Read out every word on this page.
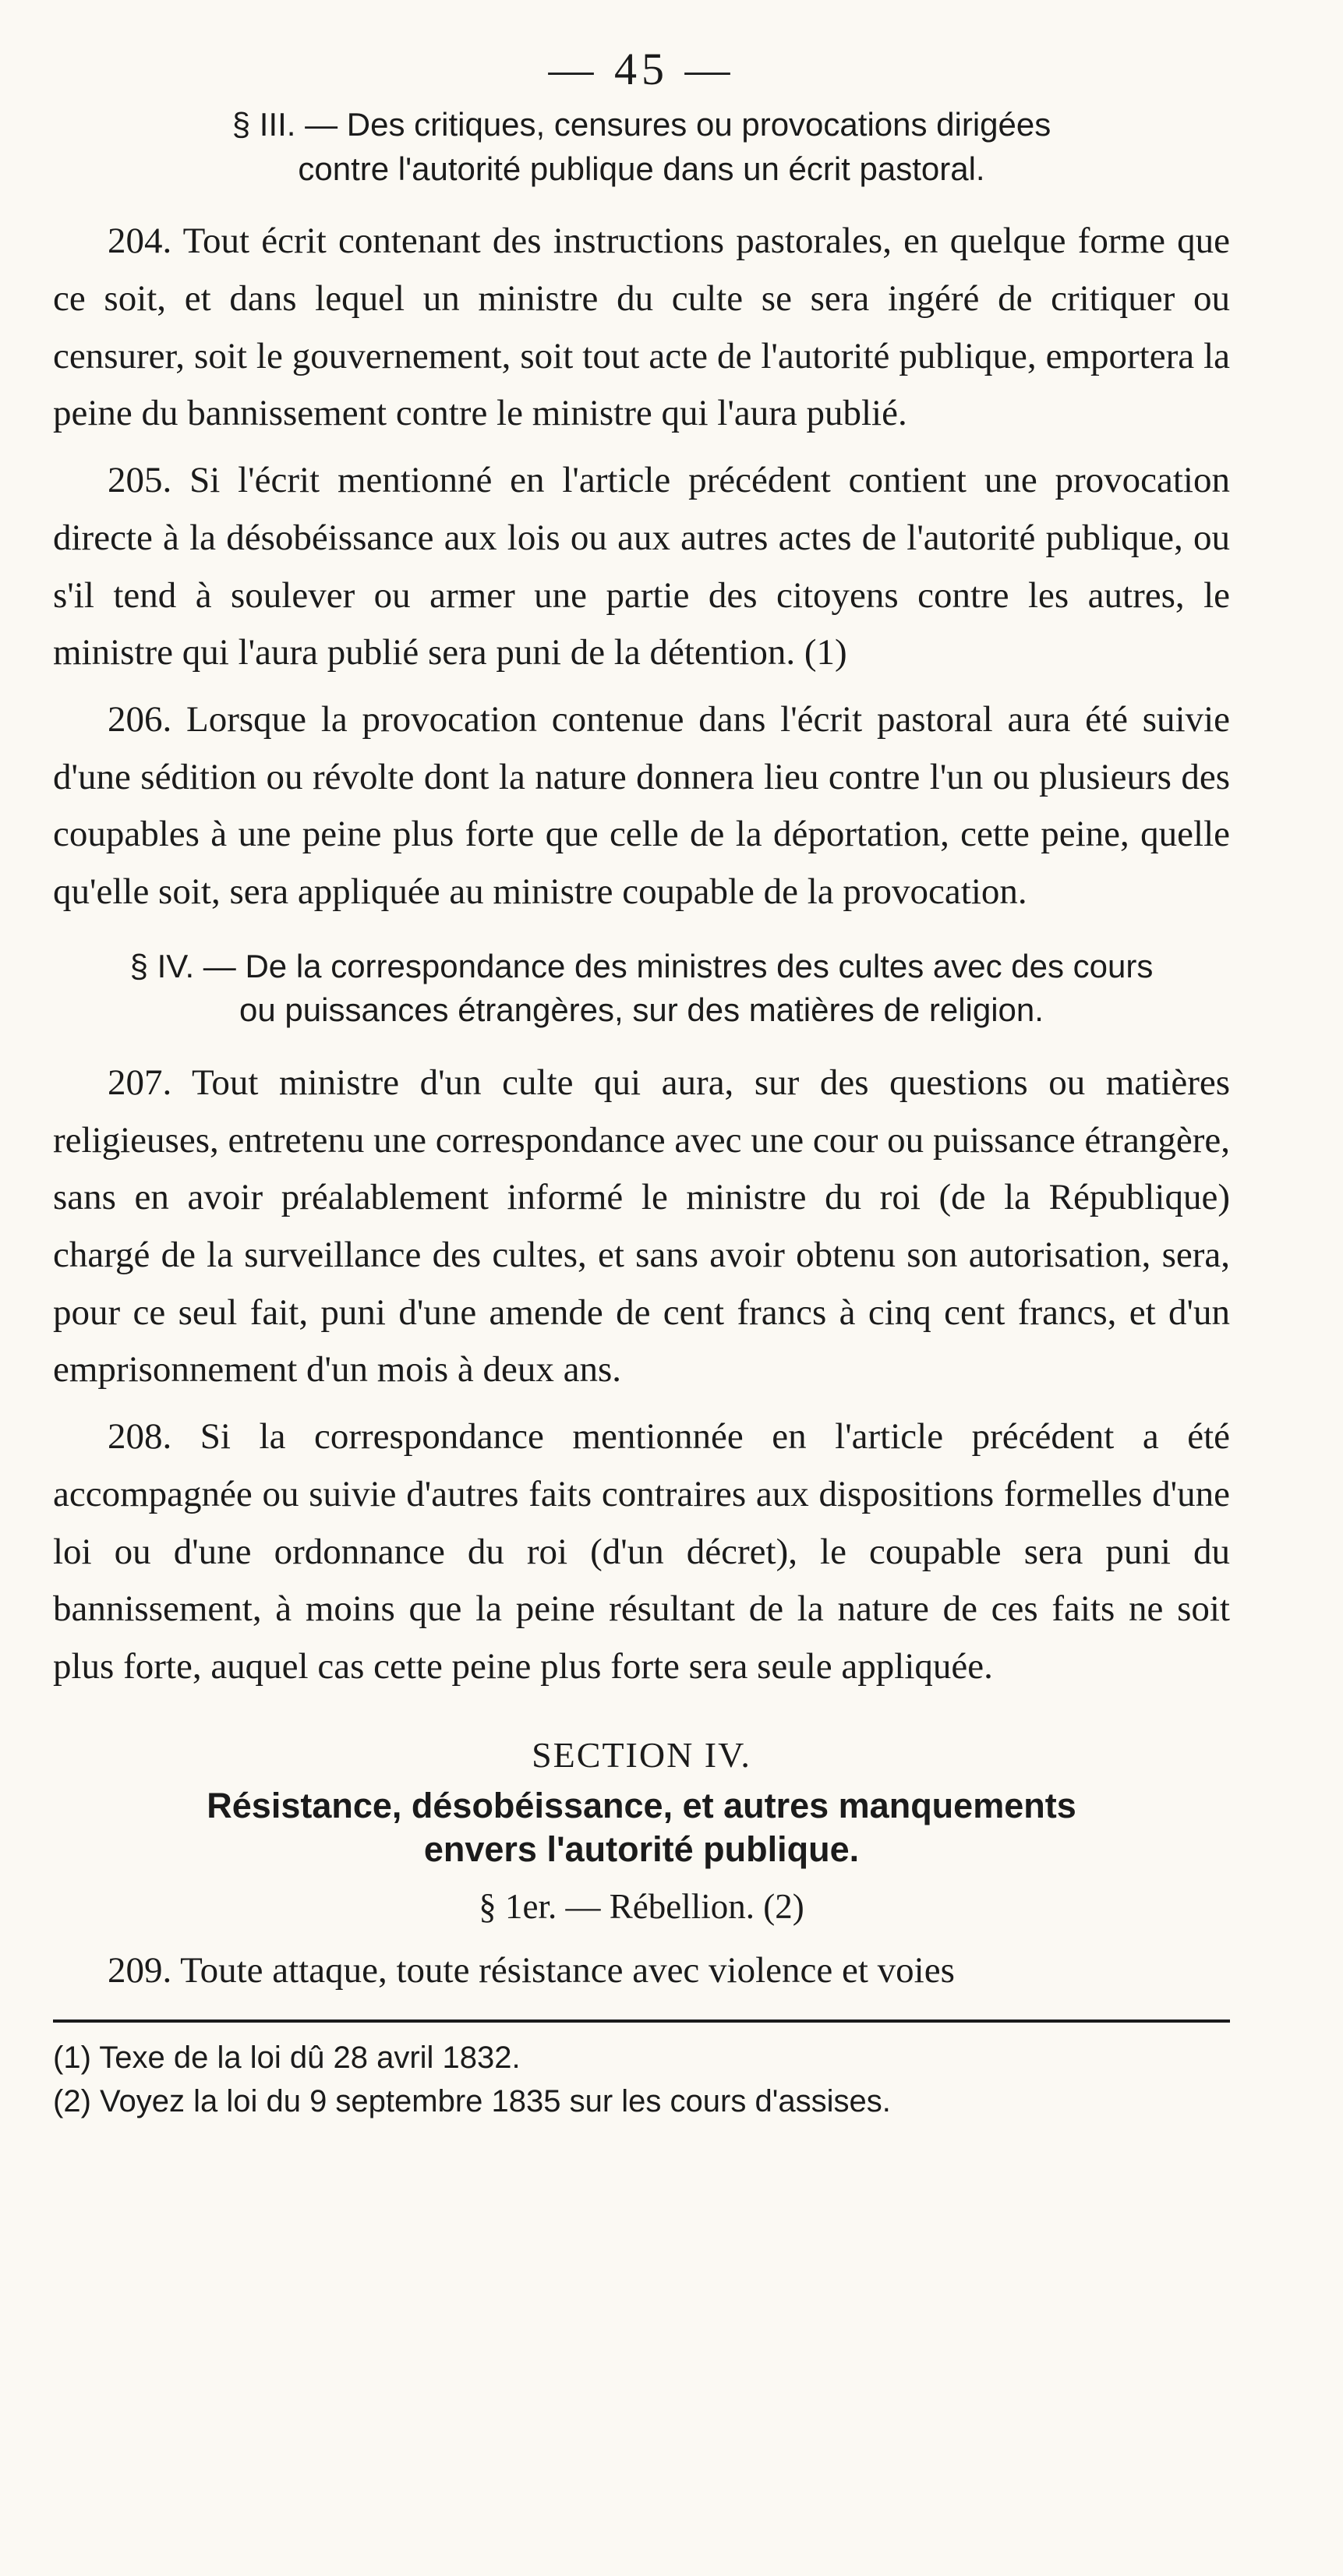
— 45 —
§ III. — Des critiques, censures ou provocations dirigées
contre l'autorité publique dans un écrit pastoral.

204. Tout écrit contenant des instructions pastorales, en quelque forme que ce soit, et dans lequel un ministre du culte se sera ingéré de critiquer ou censurer, soit le gouvernement, soit tout acte de l'autorité publique, emportera la peine du bannissement contre le ministre qui l'aura publié.

205. Si l'écrit mentionné en l'article précédent contient une provocation directe à la désobéissance aux lois ou aux autres actes de l'autorité publique, ou s'il tend à soulever ou armer une partie des citoyens contre les autres, le ministre qui l'aura publié sera puni de la détention. (1)

206. Lorsque la provocation contenue dans l'écrit pastoral aura été suivie d'une sédition ou révolte dont la nature donnera lieu contre l'un ou plusieurs des coupables à une peine plus forte que celle de la déportation, cette peine, quelle qu'elle soit, sera appliquée au ministre coupable de la provocation.

§ IV. — De la correspondance des ministres des cultes avec des cours
ou puissances étrangères, sur des matières de religion.

207. Tout ministre d'un culte qui aura, sur des questions ou matières religieuses, entretenu une correspondance avec une cour ou puissance étrangère, sans en avoir préalablement informé le ministre du roi (de la République) chargé de la surveillance des cultes, et sans avoir obtenu son autorisation, sera, pour ce seul fait, puni d'une amende de cent francs à cinq cent francs, et d'un emprisonnement d'un mois à deux ans.

208. Si la correspondance mentionnée en l'article précédent a été accompagnée ou suivie d'autres faits contraires aux dispositions formelles d'une loi ou d'une ordonnance du roi (d'un décret), le coupable sera puni du bannissement, à moins que la peine résultant de la nature de ces faits ne soit plus forte, auquel cas cette peine plus forte sera seule appliquée.

SECTION IV.
Résistance, désobéissance, et autres manquements
envers l'autorité publique.
§ 1er. — Rébellion. (2)

209. Toute attaque, toute résistance avec violence et voies

(1) Texe de la loi dû 28 avril 1832.

(2) Voyez la loi du 9 septembre 1835 sur les cours d'assises.
